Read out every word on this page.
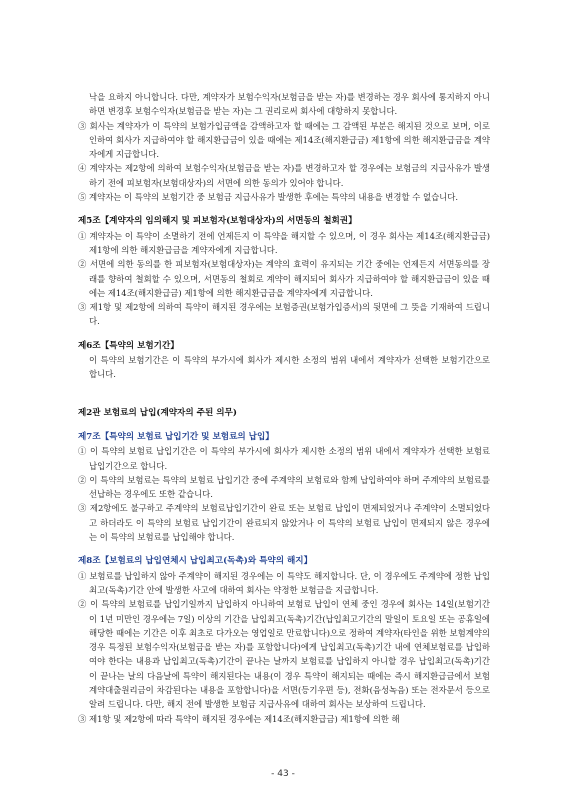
낙을 요하지 아니합니다. 다만, 계약자가 보험수익자(보험금을 받는 자)를 변경하는 경우 회사에 통지하지 아니하면 변경후 보험수익자(보험금을 받는 자)는 그 권리로써 회사에 대항하지 못합니다.

③ 회사는 계약자가 이 특약의 보험가입금액을 감액하고자 할 때에는 그 감액된 부분은 해지된 것으로 보며, 이로 인하여 회사가 지급하여야 할 해지환급금이 있을 때에는 제14조(해지환급금) 제1항에 의한 해지환급금을 계약자에게 지급합니다.

④ 계약자는 제2항에 의하여 보험수익자(보험금을 받는 자)를 변경하고자 할 경우에는 보험금의 지급사유가 발생하기 전에 피보험자(보험대상자)의 서면에 의한 동의가 있어야 합니다.

⑤ 계약자는 이 특약의 보험기간 중 보험금 지급사유가 발생한 후에는 특약의 내용을 변경할 수 없습니다.

제5조【계약자의 임의해지 및 피보험자(보험대상자)의 서면동의 철회권】

① 계약자는 이 특약이 소멸하기 전에 언제든지 이 특약을 해지할 수 있으며, 이 경우 회사는 제14조(해지환급금) 제1항에 의한 해지환급금을 계약자에게 지급합니다.

② 서면에 의한 동의를 한 피보험자(보험대상자)는 계약의 효력이 유지되는 기간 중에는 언제든지 서면동의를 장래를 향하여 철회할 수 있으며, 서면동의 철회로 계약이 해지되어 회사가 지급하여야 할 해지환급금이 있을 때에는 제14조(해지환급금) 제1항에 의한 해지환급금을 계약자에게 지급합니다.

③ 제1항 및 제2항에 의하여 특약이 해지된 경우에는 보험증권(보험가입증서)의 뒷면에 그 뜻을 기재하여 드립니다.

제6조【특약의 보험기간】

이 특약의 보험기간은 이 특약의 부가시에 회사가 제시한 소정의 범위 내에서 계약자가 선택한 보험기간으로 합니다.

제2관 보험료의 납입(계약자의 주된 의무)

제7조【특약의 보험료 납입기간 및 보험료의 납입】

① 이 특약의 보험료 납입기간은 이 특약의 부가시에 회사가 제시한 소정의 범위 내에서 계약자가 선택한 보험료 납입기간으로 합니다.

② 이 특약의 보험료는 특약의 보험료 납입기간 중에 주계약의 보험료와 함께 납입하여야 하며 주계약의 보험료를 선납하는 경우에도 또한 같습니다.

③ 제2항에도 불구하고 주계약의 보험료납입기간이 완료 또는 보험료 납입이 면제되었거나 주계약이 소멸되었다고 하더라도 이 특약의 보험료 납입기간이 완료되지 않았거나 이 특약의 보험료 납입이 면제되지 않은 경우에는 이 특약의 보험료를 납입해야 합니다.

제8조【보험료의 납입연체시 납입최고(독촉)와 특약의 해지】

① 보험료를 납입하지 않아 주계약이 해지된 경우에는 이 특약도 해지합니다. 단, 이 경우에도 주계약에 정한 납입최고(독촉)기간 안에 발생한 사고에 대하여 회사는 약정한 보험금을 지급합니다.

② 이 특약의 보험료를 납입기일까지 납입하지 아니하여 보험료 납입이 연체 중인 경우에 회사는 14일(보험기간이 1년 미만인 경우에는 7일) 이상의 기간을 납입최고(독촉)기간(납입최고기간의 말일이 토요일 또는 공휴일에 해당한 때에는 기간은 이후 최초로 다가오는 영업일로 만료합니다)으로 정하여 계약자(타인을 위한 보험계약의 경우 특정된 보험수익자(보험금을 받는 자)를 포함합니다)에게 납입최고(독촉)기간 내에 연체보험료를 납입하여야 한다는 내용과 납입최고(독촉)기간이 끝나는 날까지 보험료를 납입하지 아니할 경우 납입최고(독촉)기간이 끝나는 날의 다음날에 특약이 해지된다는 내용(이 경우 특약이 해지되는 때에는 즉시 해지환급금에서 보험계약대출원리금이 차감된다는 내용을 포함합니다)을 서면(등기우편 등), 전화(음성녹음) 또는 전자문서 등으로 알려 드립니다. 다만, 해지 전에 발생한 보험금 지급사유에 대하여 회사는 보상하여 드립니다.

③ 제1항 및 제2항에 따라 특약이 해지된 경우에는 제14조(해지환급금) 제1항에 의한 해

- 43 -
